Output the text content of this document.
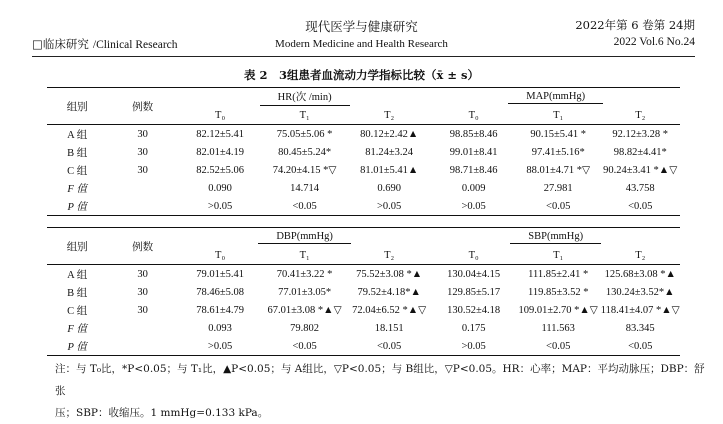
□临床研究 /Clinical Research
现代医学与健康研究
Modern Medicine and Health Research
2022年第 6 卷第 24期
2022 Vol.6 No.24
表 2　3组患者血流动力学指标比较（x̄ ± s）
组别	例数	HR(次 /min)			MAP(mmHg)		
		T₀	T₁	T₂	T₀	T₁	T₂
A 组	30	82.12±5.41	75.05±5.06 *	80.12±2.42▲	98.85±8.46	90.15±5.41 *	92.12±3.28 *
B 组	30	82.01±4.19	80.45±5.24*	81.24±3.24	99.01±8.41	97.41±5.16*	98.82±4.41*
C 组	30	82.52±5.06	74.20±4.15 *▽	81.01±5.41▲	98.71±8.46	88.01±4.71 *▽	90.24±3.41 *▲▽
F 值		0.090	14.714	0.690	0.009	27.981	43.758
P 值		>0.05	<0.05	>0.05	>0.05	<0.05	<0.05
组别	例数	DBP(mmHg)			SBP(mmHg)		
		T₀	T₁	T₂	T₀	T₁	T₂
A 组	30	79.01±5.41	70.41±3.22 *	75.52±3.08 *▲	130.04±4.15	111.85±2.41 *	125.68±3.08 *▲
B 组	30	78.46±5.08	77.01±3.05*	79.52±4.18*▲	129.85±5.17	119.85±3.52 *	130.24±3.52*▲
C 组	30	78.61±4.79	67.01±3.08 *▲▽	72.04±6.52 *▲▽	130.52±4.18	109.01±2.70 *▲▽	118.41±4.07 *▲▽
F 值		0.093	79.802	18.151	0.175	111.563	83.345
P 值		>0.05	<0.05	<0.05	>0.05	<0.05	<0.05
注：与 T₀比，*P<0.05；与 T₁比，▲P<0.05；与 A组比，▽P<0.05；与 B组比，▽P<0.05。HR：心率；MAP：平均动脉压；DBP：舒张
压；SBP：收缩压。1 mmHg=0.133 kPa。
